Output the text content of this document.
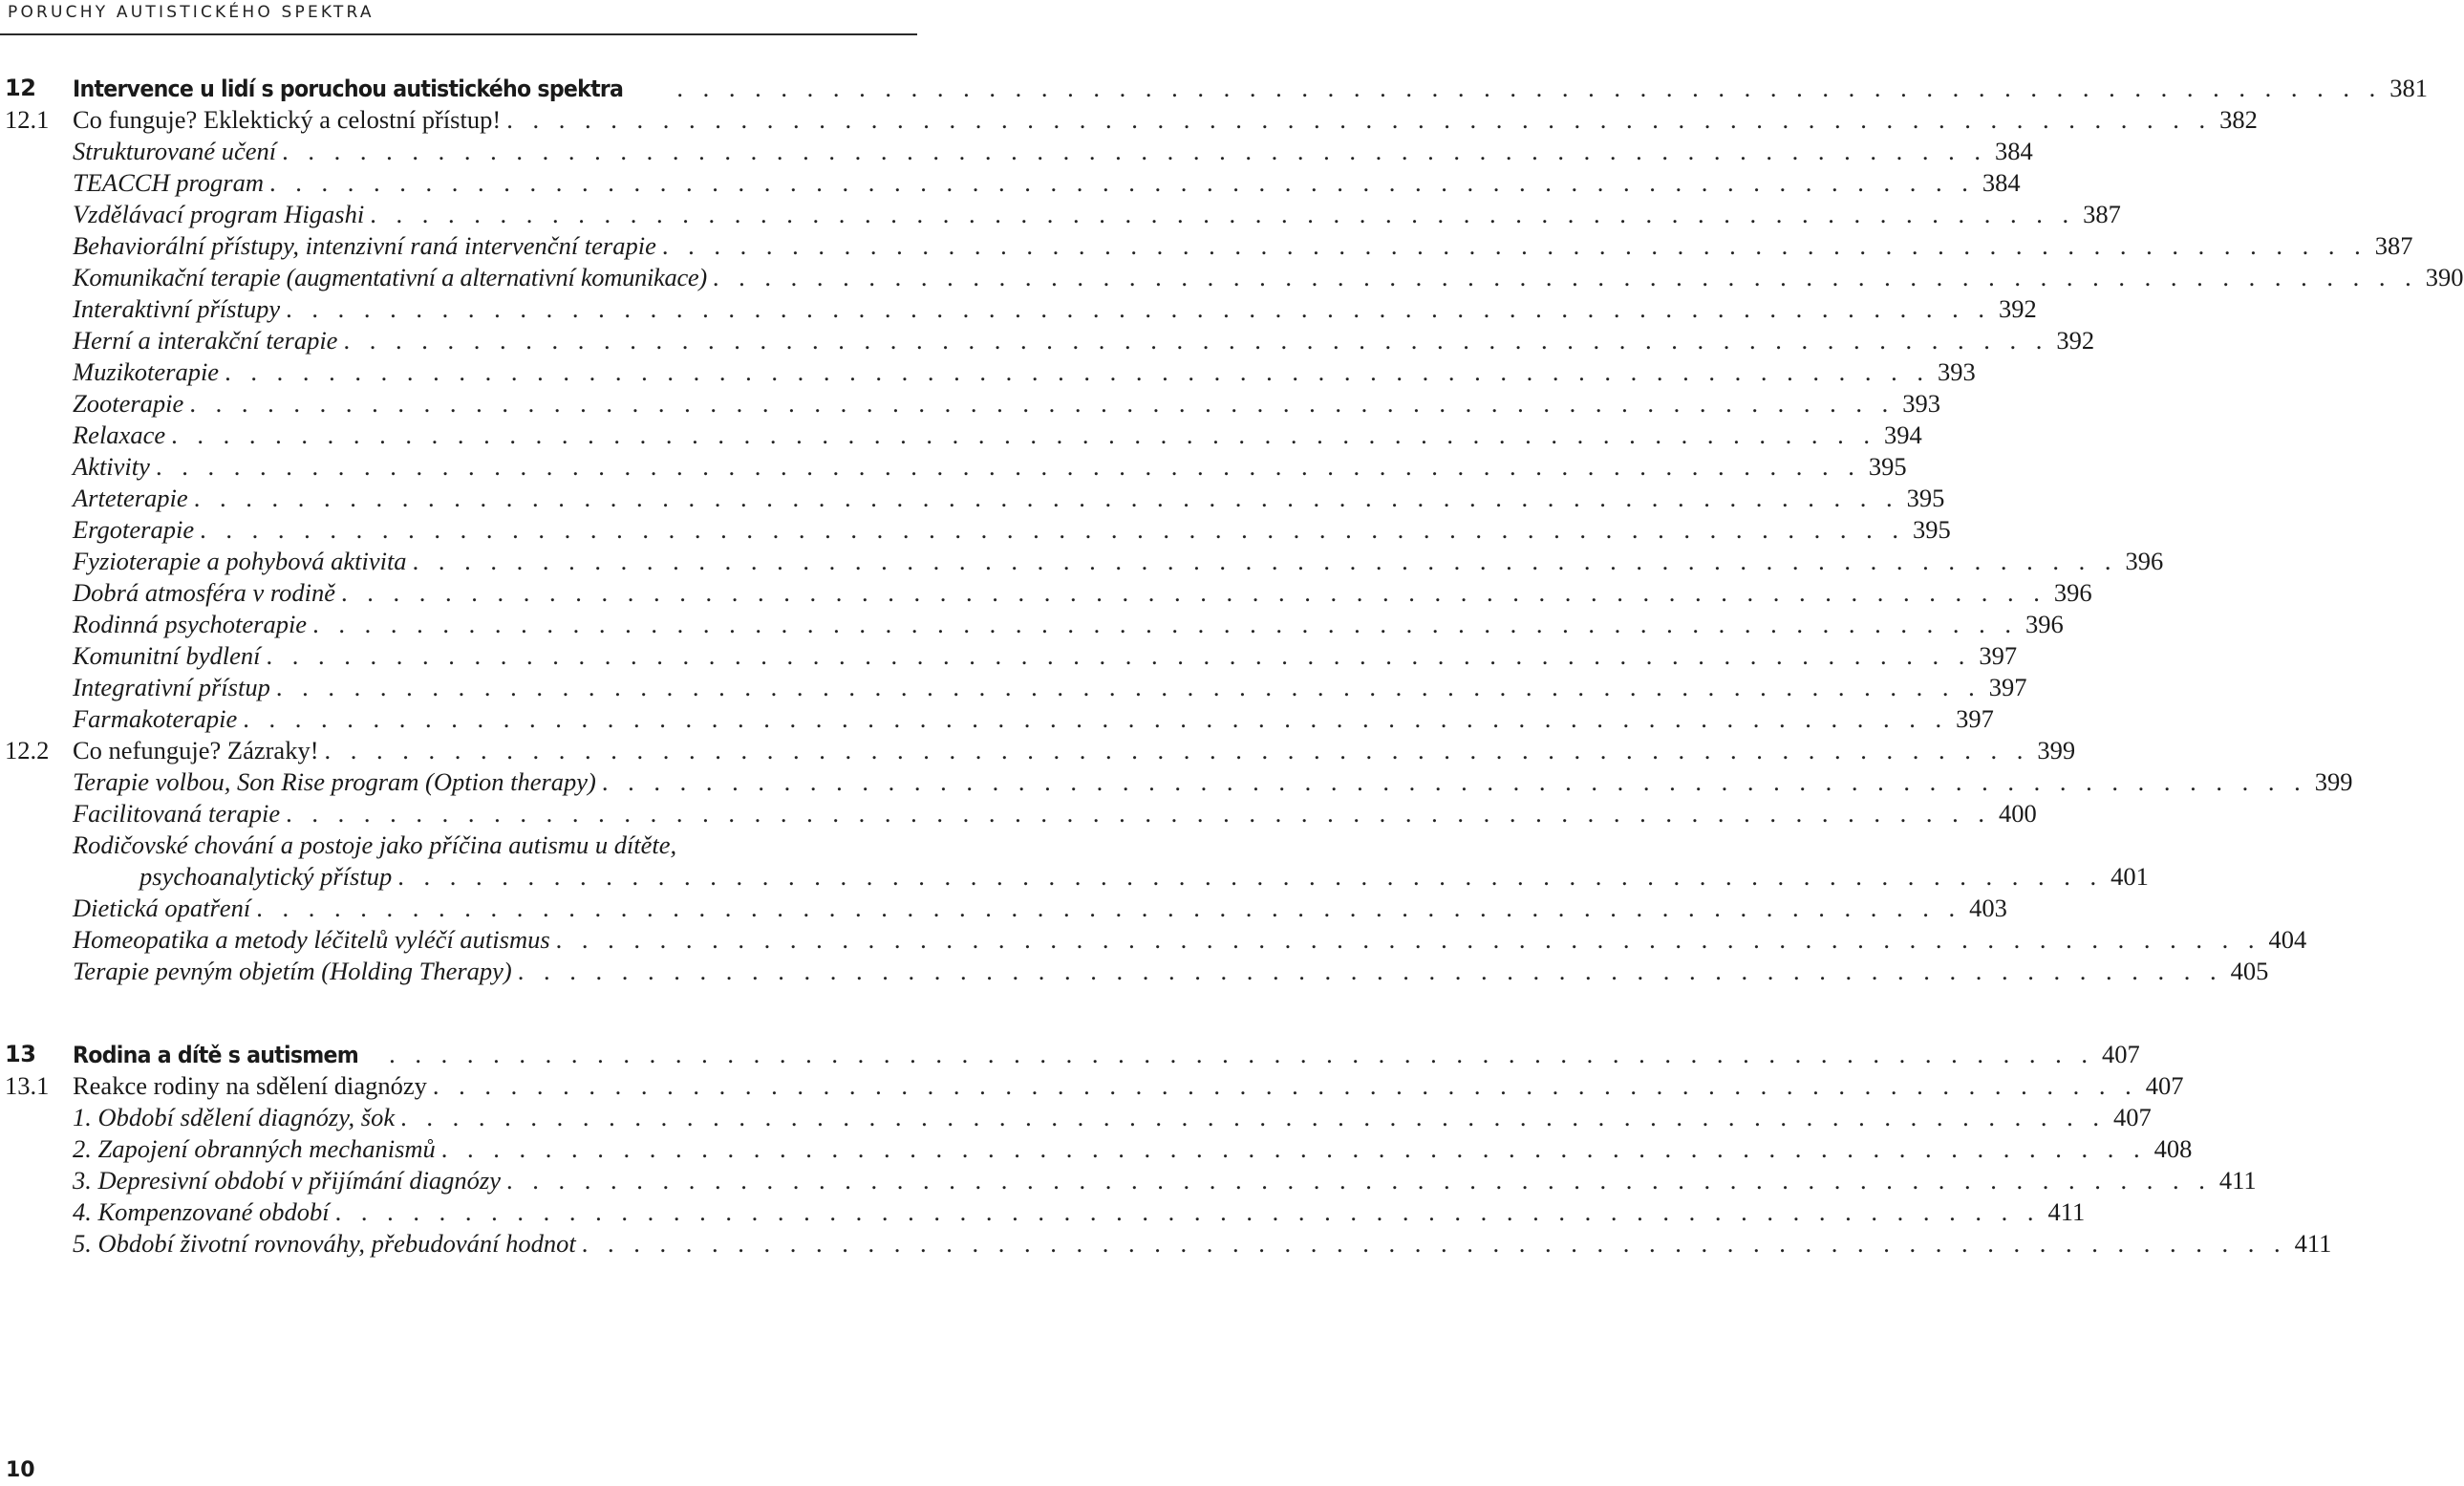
PORUCHY AUTISTICKÉHO SPEKTRA
12 Intervence u lidí s poruchou autistického spektra . . . . . . . . . . . . . . . . . . . . . . . . . . . . . . . . . . . . . . . . . . . . . . . . . . . . . . . . . . . . . . . . . . 381
12.1 Co funguje? Eklektický a celostní přístup! . . . . . . . . . . . . . . . . . . . . . . . . . . . . . . . . . . . . . . . . . . . . . . . . . . . . . . . . . . . . . . . . . . 382
Strukturované učení . . . . . . . . . . . . . . . . . . . . . . . . . . . . . . . . . . . . . . . . . . . . . . . . . . . . . . . . . . . . . . . . . . 384
TEACCH program . . . . . . . . . . . . . . . . . . . . . . . . . . . . . . . . . . . . . . . . . . . . . . . . . . . . . . . . . . . . . . . . . . 384
Vzdělávací program Higashi . . . . . . . . . . . . . . . . . . . . . . . . . . . . . . . . . . . . . . . . . . . . . . . . . . . . . . . . . . . . . . . . . . 387
Behaviorální přístupy, intenzivní raná intervenční terapie . . . . . . . . . . . . . . . . . . . . . . . . . . . . . . . . . . . . . . . . . . . . . . . . . . . . . . . . . . . . . . . . . . 387
Komunikační terapie (augmentativní a alternativní komunikace) . . . . . . . . . . . . . . . . . . . . . . . . . . . . . . . . . . . . . . . . . . . . . . . . . . . . . . . . . . . . . . . . . . 390
Interaktivní přístupy . . . . . . . . . . . . . . . . . . . . . . . . . . . . . . . . . . . . . . . . . . . . . . . . . . . . . . . . . . . . . . . . . . 392
Herní a interakční terapie . . . . . . . . . . . . . . . . . . . . . . . . . . . . . . . . . . . . . . . . . . . . . . . . . . . . . . . . . . . . . . . . . . 392
Muzikoterapie . . . . . . . . . . . . . . . . . . . . . . . . . . . . . . . . . . . . . . . . . . . . . . . . . . . . . . . . . . . . . . . . . . 393
Zooterapie . . . . . . . . . . . . . . . . . . . . . . . . . . . . . . . . . . . . . . . . . . . . . . . . . . . . . . . . . . . . . . . . . . 393
Relaxace . . . . . . . . . . . . . . . . . . . . . . . . . . . . . . . . . . . . . . . . . . . . . . . . . . . . . . . . . . . . . . . . . . 394
Aktivity . . . . . . . . . . . . . . . . . . . . . . . . . . . . . . . . . . . . . . . . . . . . . . . . . . . . . . . . . . . . . . . . . . 395
Arteterapie . . . . . . . . . . . . . . . . . . . . . . . . . . . . . . . . . . . . . . . . . . . . . . . . . . . . . . . . . . . . . . . . . . 395
Ergoterapie . . . . . . . . . . . . . . . . . . . . . . . . . . . . . . . . . . . . . . . . . . . . . . . . . . . . . . . . . . . . . . . . . . 395
Fyzioterapie a pohybová aktivita . . . . . . . . . . . . . . . . . . . . . . . . . . . . . . . . . . . . . . . . . . . . . . . . . . . . . . . . . . . . . . . . . . 396
Dobrá atmosféra v rodině . . . . . . . . . . . . . . . . . . . . . . . . . . . . . . . . . . . . . . . . . . . . . . . . . . . . . . . . . . . . . . . . . . 396
Rodinná psychoterapie . . . . . . . . . . . . . . . . . . . . . . . . . . . . . . . . . . . . . . . . . . . . . . . . . . . . . . . . . . . . . . . . . . 396
Komunitní bydlení . . . . . . . . . . . . . . . . . . . . . . . . . . . . . . . . . . . . . . . . . . . . . . . . . . . . . . . . . . . . . . . . . . 397
Integrativní přístup . . . . . . . . . . . . . . . . . . . . . . . . . . . . . . . . . . . . . . . . . . . . . . . . . . . . . . . . . . . . . . . . . . 397
Farmakoterapie . . . . . . . . . . . . . . . . . . . . . . . . . . . . . . . . . . . . . . . . . . . . . . . . . . . . . . . . . . . . . . . . . . 397
12.2 Co nefunguje? Zázraky! . . . . . . . . . . . . . . . . . . . . . . . . . . . . . . . . . . . . . . . . . . . . . . . . . . . . . . . . . . . . . . . . . . 399
Terapie volbou, Son Rise program (Option therapy) . . . . . . . . . . . . . . . . . . . . . . . . . . . . . . . . . . . . . . . . . . . . . . . . . . . . . . . . . . . . . . . . . . 399
Facilitovaná terapie . . . . . . . . . . . . . . . . . . . . . . . . . . . . . . . . . . . . . . . . . . . . . . . . . . . . . . . . . . . . . . . . . . 400
Rodičovské chování a postoje jako příčina autismu u dítěte,
psychoanalytický přístup . . . . . . . . . . . . . . . . . . . . . . . . . . . . . . . . . . . . . . . . . . . . . . . . . . . . . . . . . . . . . . . . . . 401
Dietická opatření . . . . . . . . . . . . . . . . . . . . . . . . . . . . . . . . . . . . . . . . . . . . . . . . . . . . . . . . . . . . . . . . . . 403
Homeopatika a metody léčitelů vyléčí autismus . . . . . . . . . . . . . . . . . . . . . . . . . . . . . . . . . . . . . . . . . . . . . . . . . . . . . . . . . . . . . . . . . . 404
Terapie pevným objetím (Holding Therapy) . . . . . . . . . . . . . . . . . . . . . . . . . . . . . . . . . . . . . . . . . . . . . . . . . . . . . . . . . . . . . . . . . . 405
13 Rodina a dítě s autismem . . . . . . . . . . . . . . . . . . . . . . . . . . . . . . . . . . . . . . . . . . . . . . . . . . . . . . . . . . . . . . . . . . 407
13.1 Reakce rodiny na sdělení diagnózy . . . . . . . . . . . . . . . . . . . . . . . . . . . . . . . . . . . . . . . . . . . . . . . . . . . . . . . . . . . . . . . . . . 407
1. Období sdělení diagnózy, šok . . . . . . . . . . . . . . . . . . . . . . . . . . . . . . . . . . . . . . . . . . . . . . . . . . . . . . . . . . . . . . . . . . 407
2. Zapojení obranných mechanismů . . . . . . . . . . . . . . . . . . . . . . . . . . . . . . . . . . . . . . . . . . . . . . . . . . . . . . . . . . . . . . . . . . 408
3. Depresivní období v přijímání diagnózy . . . . . . . . . . . . . . . . . . . . . . . . . . . . . . . . . . . . . . . . . . . . . . . . . . . . . . . . . . . . . . . . . . 411
4. Kompenzované období . . . . . . . . . . . . . . . . . . . . . . . . . . . . . . . . . . . . . . . . . . . . . . . . . . . . . . . . . . . . . . . . . . 411
5. Období životní rovnováhy, přebudování hodnot . . . . . . . . . . . . . . . . . . . . . . . . . . . . . . . . . . . . . . . . . . . . . . . . . . . . . . . . . . . . . . . . . . 411
10
